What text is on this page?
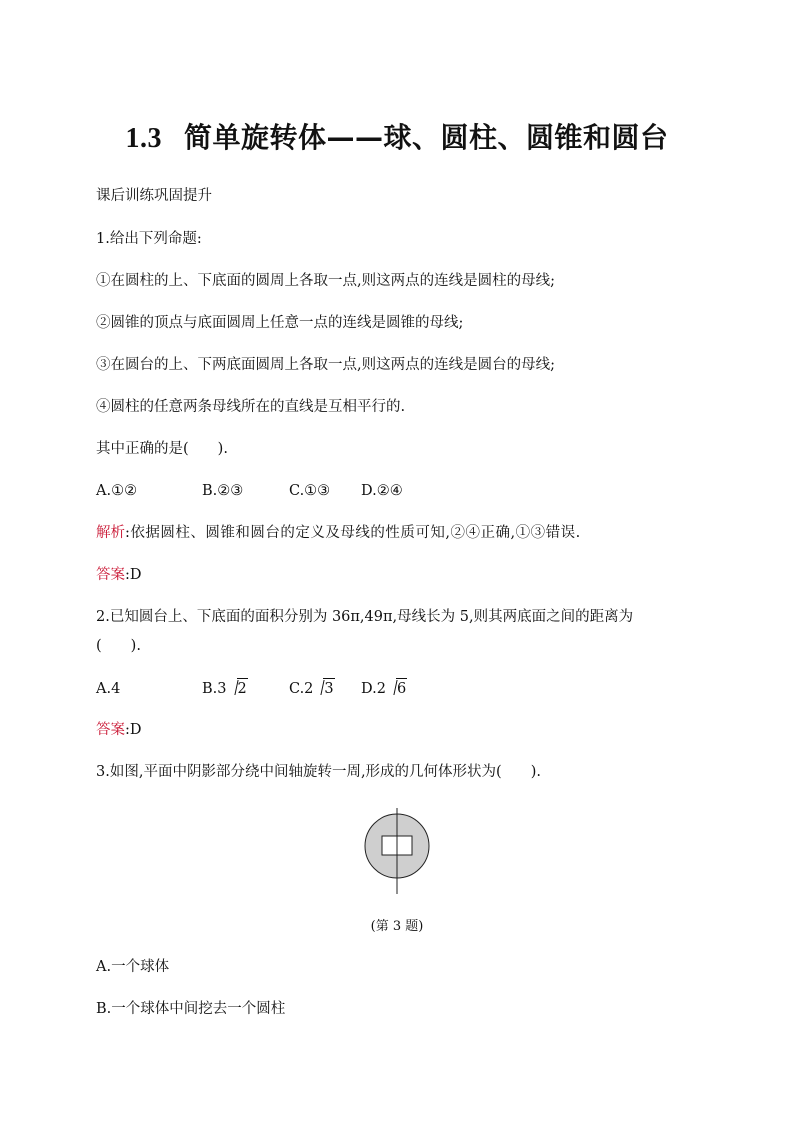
1.3 简单旋转体——球、圆柱、圆锥和圆台
课后训练巩固提升
1.给出下列命题:
①在圆柱的上、下底面的圆周上各取一点,则这两点的连线是圆柱的母线;
②圆锥的顶点与底面圆周上任意一点的连线是圆锥的母线;
③在圆台的上、下两底面圆周上各取一点,则这两点的连线是圆台的母线;
④圆柱的任意两条母线所在的直线是互相平行的.
其中正确的是(　　).
A.①②	B.②③	C.①③ D.②④
解析:依据圆柱、圆锥和圆台的定义及母线的性质可知,②④正确,①③错误.
答案:D
2.已知圆台上、下底面的面积分别为 36π,49π,母线长为 5,则其两底面之间的距离为
(　　).
A.4	B.3 2	C.2 3 D.2 6
答案:D
3.如图,平面中阴影部分绕中间轴旋转一周,形成的几何体形状为(　　).
(第 3 题)
A.一个球体
B.一个球体中间挖去一个圆柱
